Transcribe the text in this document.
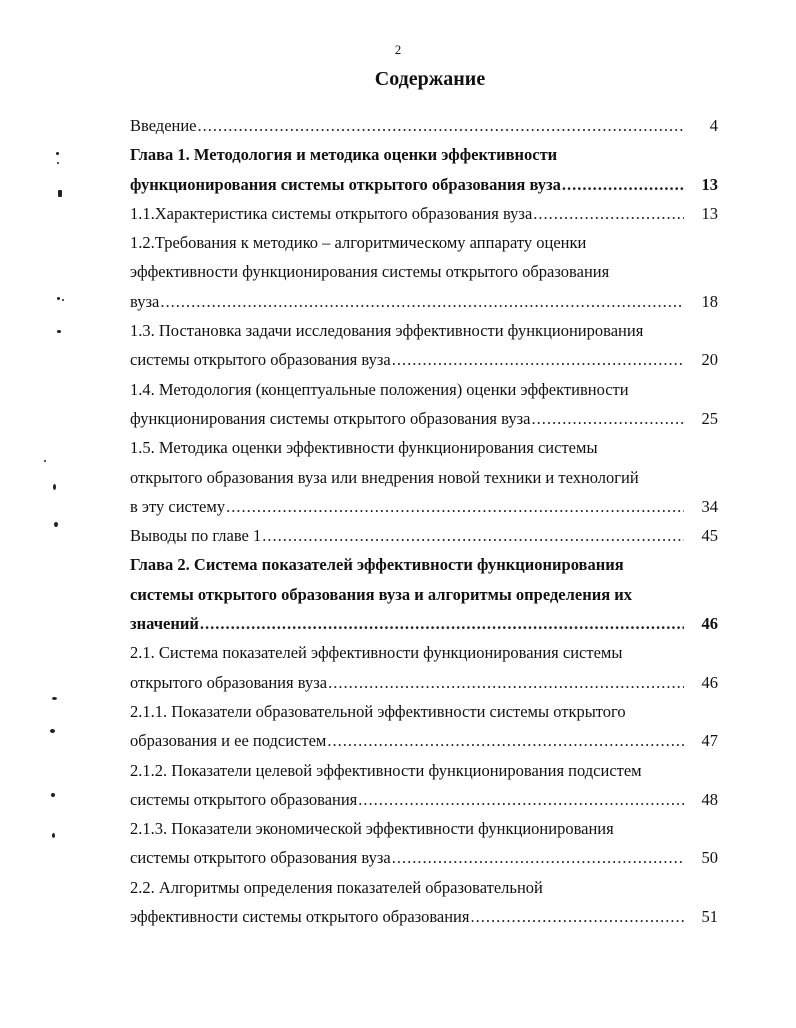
2
Содержание
Введение .....	4
Глава 1. Методология и методика оценки эффективности
функционирования системы открытого образования вуза .....	13
1.1.Характеристика системы открытого образования вуза .....	13
1.2.Требования к методико – алгоритмическому аппарату оценки
эффективности функционирования системы открытого образования
вуза .....	18
1.3. Постановка задачи исследования эффективности функционирования
системы открытого образования вуза .....	20
1.4. Методология (концептуальные положения) оценки эффективности
функционирования системы открытого образования вуза .....	25
1.5. Методика оценки эффективности функционирования системы
открытого образования вуза или внедрения новой техники и технологий
в эту систему .....	34
Выводы по главе 1 .....	45
Глава 2. Система показателей эффективности функционирования
системы открытого образования вуза и алгоритмы определения их
значений .....	46
2.1. Система показателей эффективности функционирования системы
открытого образования вуза .....	46
2.1.1. Показатели образовательной эффективности системы открытого
образования и ее подсистем .....	47
2.1.2. Показатели целевой эффективности функционирования подсистем
системы открытого образования .....	48
2.1.3. Показатели экономической эффективности функционирования
системы открытого образования вуза .....	50
2.2. Алгоритмы определения показателей образовательной
эффективности системы открытого образования .....	51
